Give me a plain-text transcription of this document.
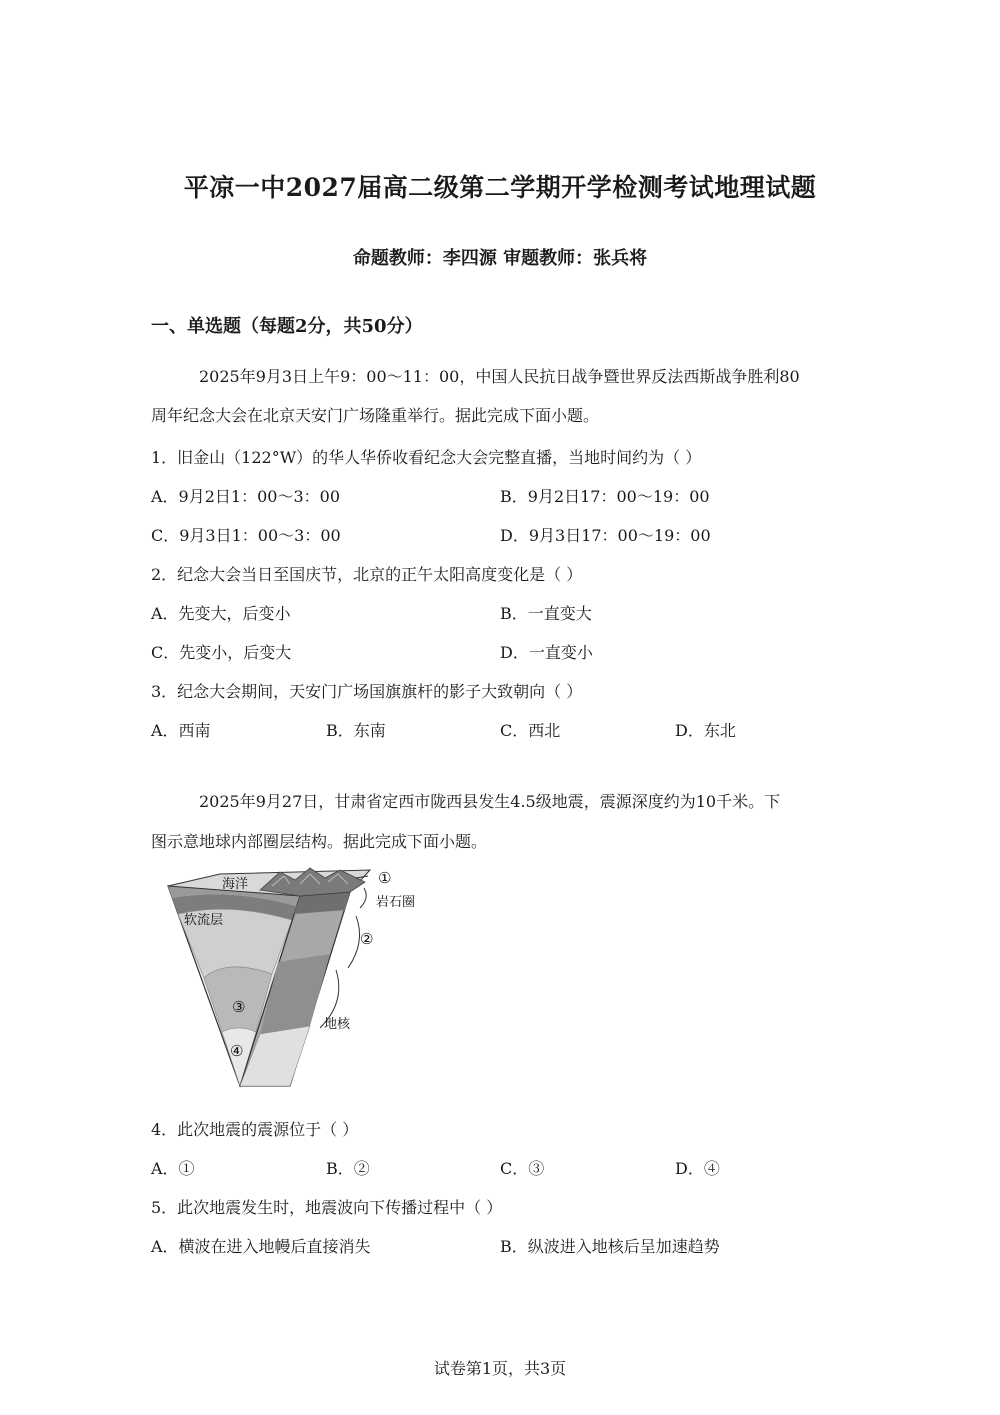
平凉一中2027届高二级第二学期开学检测考试地理试题
命题教师：李四源 审题教师：张兵将
一、单选题（每题2分，共50分）
2025年9月3日上午9：00～11：00，中国人民抗日战争暨世界反法西斯战争胜利80
周年纪念大会在北京天安门广场隆重举行。据此完成下面小题。
1．旧金山（122°W）的华人华侨收看纪念大会完整直播，当地时间约为（ ）
A．9月2日1：00～3：00	B．9月2日17：00～19：00
C．9月3日1：00～3：00	D．9月3日17：00～19：00
2．纪念大会当日至国庆节，北京的正午太阳高度变化是（ ）
A．先变大，后变小	B．一直变大
C．先变小，后变大	D．一直变小
3．纪念大会期间，天安门广场国旗旗杆的影子大致朝向（ ）
A．西南	B．东南	C．西北	D．东北
2025年9月27日，甘肃省定西市陇西县发生4.5级地震，震源深度约为10千米。下
图示意地球内部圈层结构。据此完成下面小题。
海洋
软流层
岩石圈
地核
①
②
③
④
4．此次地震的震源位于（ ）
A．①	B．②	C．③	D．④
5．此次地震发生时，地震波向下传播过程中（ ）
A．横波在进入地幔后直接消失	B．纵波进入地核后呈加速趋势
试卷第1页，共3页
